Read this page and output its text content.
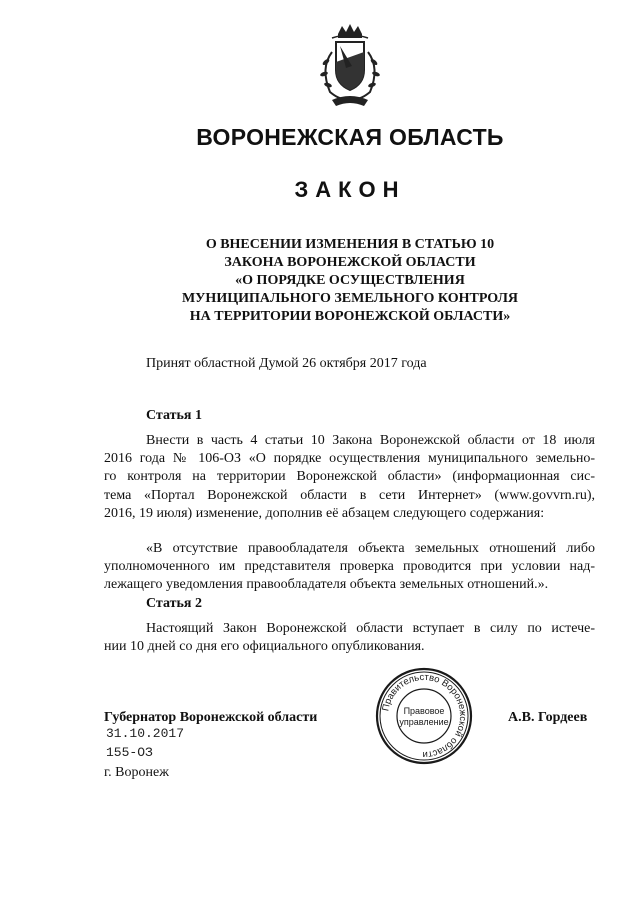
ВОРОНЕЖСКАЯ ОБЛАСТЬ
ЗАКОН
О ВНЕСЕНИИ ИЗМЕНЕНИЯ В СТАТЬЮ 10
ЗАКОНА ВОРОНЕЖСКОЙ ОБЛАСТИ
«О ПОРЯДКЕ ОСУЩЕСТВЛЕНИЯ
МУНИЦИПАЛЬНОГО ЗЕМЕЛЬНОГО КОНТРОЛЯ
НА ТЕРРИТОРИИ ВОРОНЕЖСКОЙ ОБЛАСТИ»
Принят областной Думой 26 октября 2017 года
Статья 1
Внести в часть 4 статьи 10 Закона Воронежской области от 18 июля
2016 года № 106-ОЗ «О порядке осуществления муниципального земельно-
го контроля на территории Воронежской области» (информационная сис-
тема «Портал Воронежской области в сети Интернет» (www.govvrn.ru),
2016, 19 июля) изменение, дополнив её абзацем следующего содержания:
«В отсутствие правообладателя объекта земельных отношений либо
уполномоченного им представителя проверка проводится при условии над-
лежащего уведомления правообладателя объекта земельных отношений.».
Статья 2
Настоящий Закон Воронежской области вступает в силу по истече-
нии 10 дней со дня его официального опубликования.
Губернатор Воронежской области	А.В. Гордеев
31.10.2017
155-ОЗ
г. Воронеж
Правительство Воронежской области
Правовое
управление
